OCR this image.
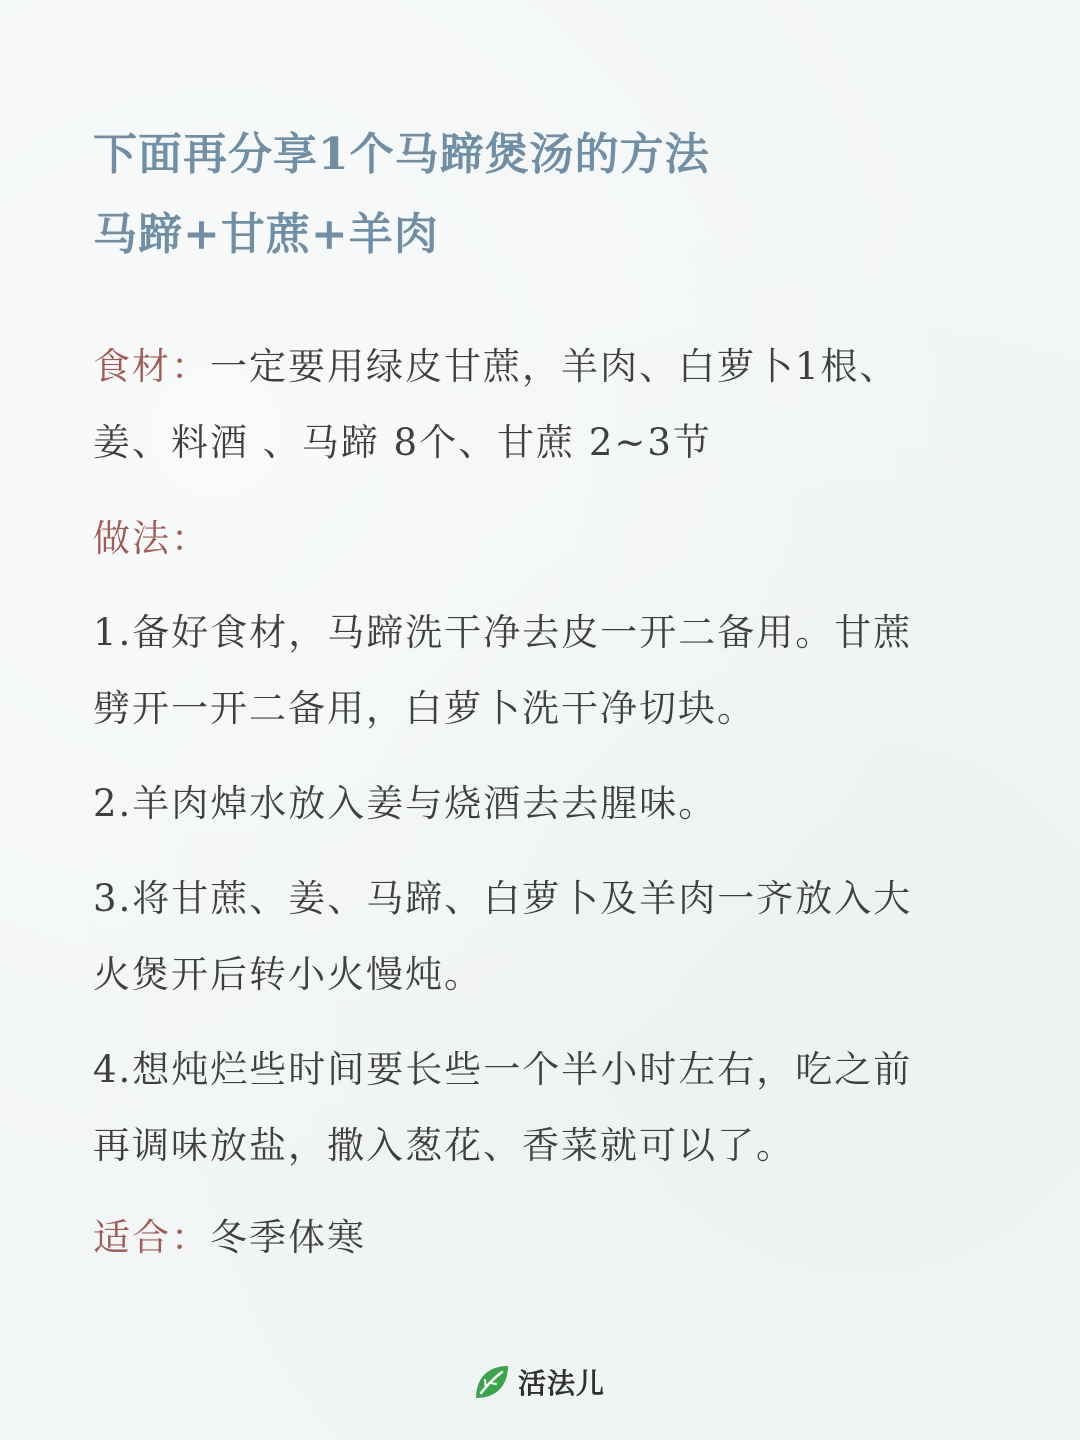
下面再分享1个马蹄煲汤的方法
马蹄+甘蔗+羊肉
食材：一定要用绿皮甘蔗，羊肉、白萝卜1根、
姜、料酒 、马蹄 8个、甘蔗 2~3节
做法：
1.备好食材，马蹄洗干净去皮一开二备用。甘蔗
劈开一开二备用，白萝卜洗干净切块。
2.羊肉焯水放入姜与烧酒去去腥味。
3.将甘蔗、姜、马蹄、白萝卜及羊肉一齐放入大
火煲开后转小火慢炖。
4.想炖烂些时间要长些一个半小时左右，吃之前
再调味放盐，撒入葱花、香菜就可以了。
适合：冬季体寒
活法儿
